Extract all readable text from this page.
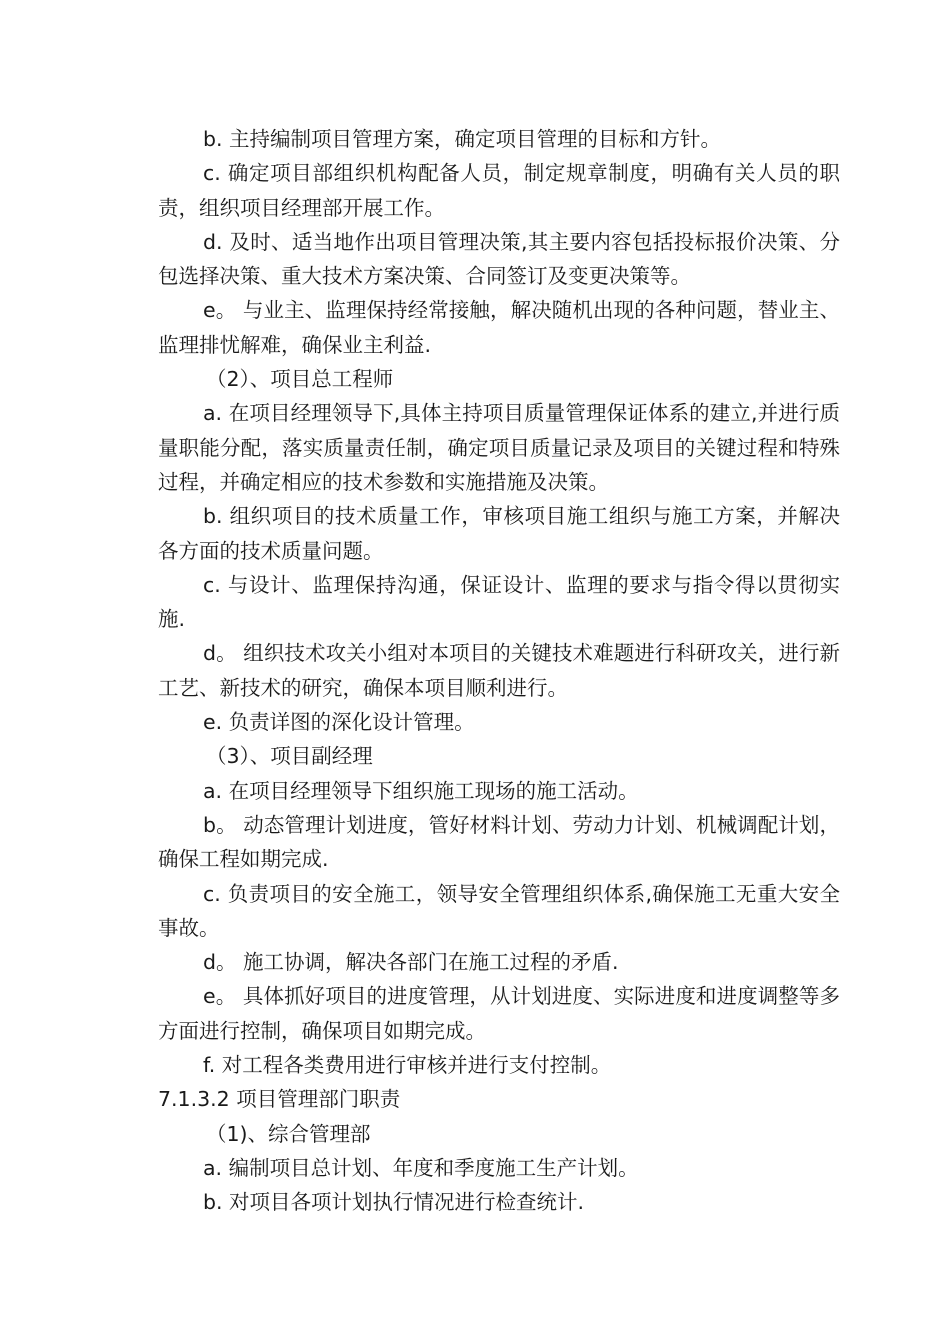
b. 主持编制项目管理方案，确定项目管理的目标和方针。

c. 确定项目部组织机构配备人员，制定规章制度，明确有关人员的职责，组织项目经理部开展工作。

d. 及时、适当地作出项目管理决策,其主要内容包括投标报价决策、分包选择决策、重大技术方案决策、合同签订及变更决策等。

e。 与业主、监理保持经常接触，解决随机出现的各种问题，替业主、监理排忧解难，确保业主利益.

（2）、项目总工程师

a. 在项目经理领导下,具体主持项目质量管理保证体系的建立,并进行质量职能分配，落实质量责任制，确定项目质量记录及项目的关键过程和特殊过程，并确定相应的技术参数和实施措施及决策。

b. 组织项目的技术质量工作，审核项目施工组织与施工方案，并解决各方面的技术质量问题。

c. 与设计、监理保持沟通，保证设计、监理的要求与指令得以贯彻实施.

d。 组织技术攻关小组对本项目的关键技术难题进行科研攻关，进行新工艺、新技术的研究，确保本项目顺利进行。

e. 负责详图的深化设计管理。

（3）、项目副经理

a. 在项目经理领导下组织施工现场的施工活动。

b。 动态管理计划进度，管好材料计划、劳动力计划、机械调配计划，确保工程如期完成.

c. 负责项目的安全施工，领导安全管理组织体系,确保施工无重大安全事故。

d。 施工协调，解决各部门在施工过程的矛盾.

e。 具体抓好项目的进度管理，从计划进度、实际进度和进度调整等多方面进行控制，确保项目如期完成。

f. 对工程各类费用进行审核并进行支付控制。

7.1.3.2 项目管理部门职责

（1)、综合管理部

a. 编制项目总计划、年度和季度施工生产计划。

b. 对项目各项计划执行情况进行检查统计.
